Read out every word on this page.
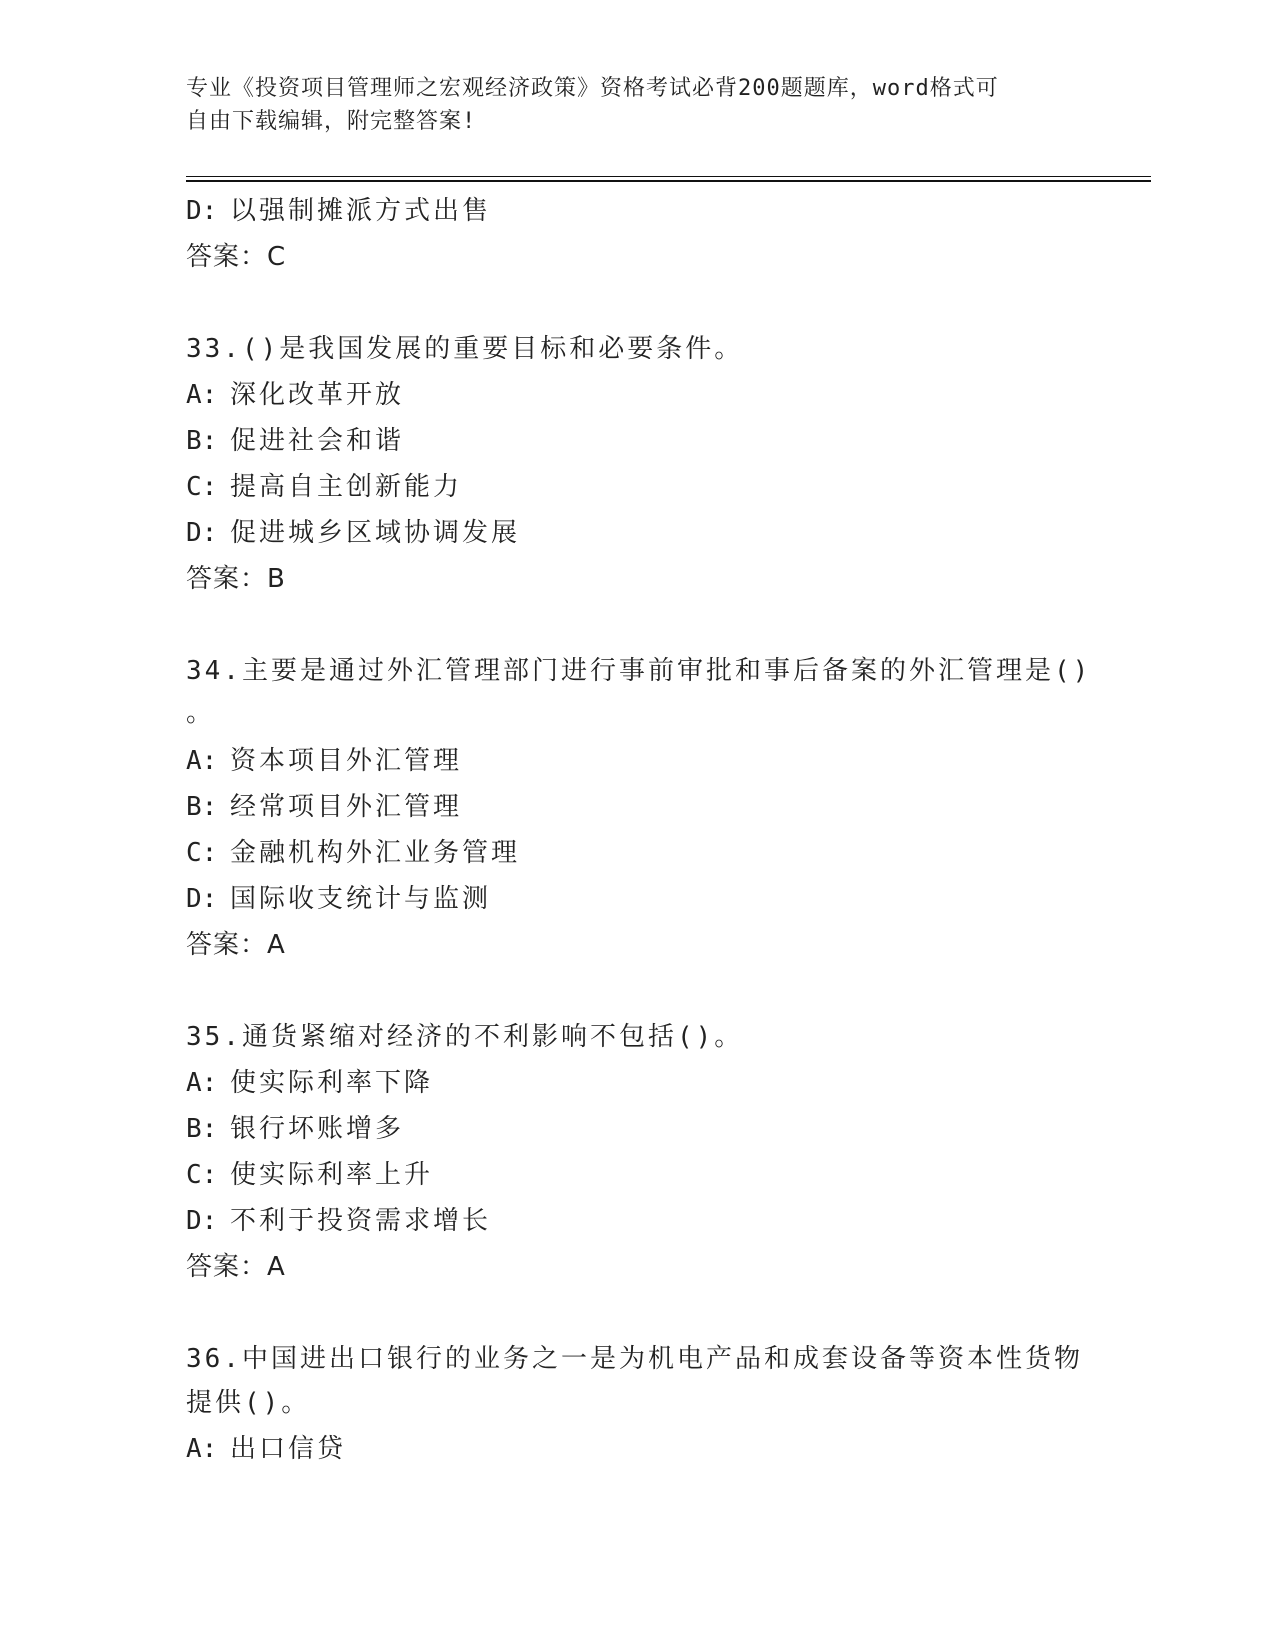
专业《投资项目管理师之宏观经济政策》资格考试必背200题题库，word格式可
自由下载编辑，附完整答案!
D: 以强制摊派方式出售
答案：C
33.()是我国发展的重要目标和必要条件。
A: 深化改革开放
B: 促进社会和谐
C: 提高自主创新能力
D: 促进城乡区域协调发展
答案：B
34.主要是通过外汇管理部门进行事前审批和事后备案的外汇管理是()
。
A: 资本项目外汇管理
B: 经常项目外汇管理
C: 金融机构外汇业务管理
D: 国际收支统计与监测
答案：A
35.通货紧缩对经济的不利影响不包括()。
A: 使实际利率下降
B: 银行坏账增多
C: 使实际利率上升
D: 不利于投资需求增长
答案：A
36.中国进出口银行的业务之一是为机电产品和成套设备等资本性货物
提供()。
A: 出口信贷
